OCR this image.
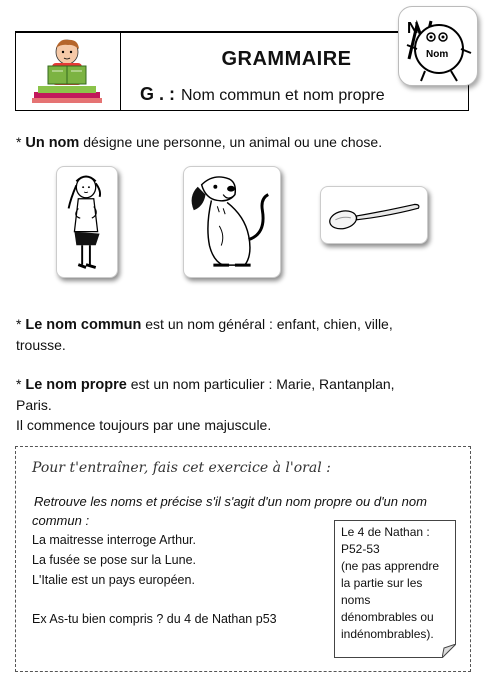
GRAMMAIRE
G . : Nom commun et nom propre
N
Nom
* Un nom désigne une personne, un animal ou une chose.
* Le nom commun est un nom général : enfant, chien, ville,
trousse.
* Le nom propre est un nom particulier : Marie, Rantanplan,
Paris.
Il commence toujours par une majuscule.
Pour t'entraîner, fais cet exercice à l'oral :
Retrouve les noms et précise s'il s'agit d'un nom propre ou d'un nom
commun :
La maitresse interroge Arthur.
La fusée se pose sur la Lune.
L'Italie est un pays européen.
Ex As-tu bien compris ? du 4 de Nathan p53
Le 4 de Nathan :
P52-53
(ne pas apprendre
la partie sur les
noms
dénombrables ou
indénombrables).
